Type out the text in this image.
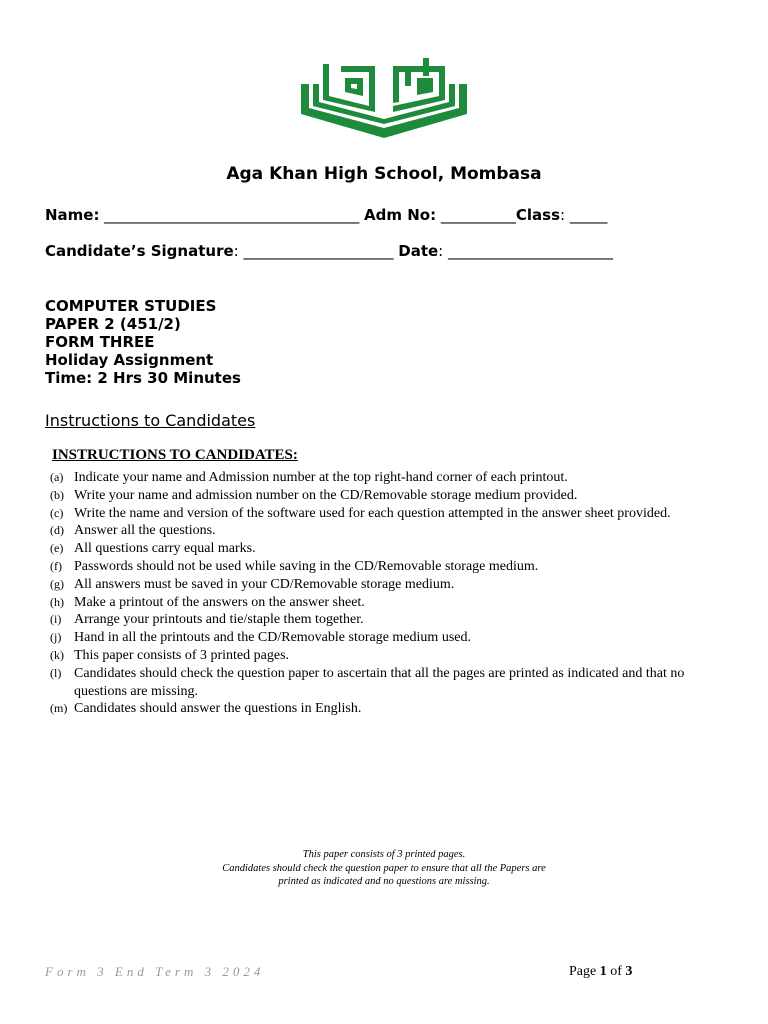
Aga Khan High School, Mombasa
Name: __________________________________ Adm No: __________Class: _____
Candidate’s Signature: ____________________ Date: ______________________
COMPUTER STUDIES
PAPER 2 (451/2)
FORM THREE
Holiday Assignment
Time: 2 Hrs 30 Minutes
Instructions to Candidates
INSTRUCTIONS TO CANDIDATES:
(a) Indicate your name and Admission number at the top right-hand corner of each printout.
(b) Write your name and admission number on the CD/Removable storage medium provided.
(c) Write the name and version of the software used for each question attempted in the answer sheet provided.
(d) Answer all the questions.
(e) All questions carry equal marks.
(f) Passwords should not be used while saving in the CD/Removable storage medium.
(g) All answers must be saved in your CD/Removable storage medium.
(h) Make a printout of the answers on the answer sheet.
(i) Arrange your printouts and tie/staple them together.
(j) Hand in all the printouts and the CD/Removable storage medium used.
(k) This paper consists of 3 printed pages.
(l) Candidates should check the question paper to ascertain that all the pages are printed as indicated and that no questions are missing.
(m) Candidates should answer the questions in English.
This paper consists of 3 printed pages.
Candidates should check the question paper to ensure that all the Papers are
printed as indicated and no questions are missing.
Form 3 End Term 3 2024	Page 1 of 3
